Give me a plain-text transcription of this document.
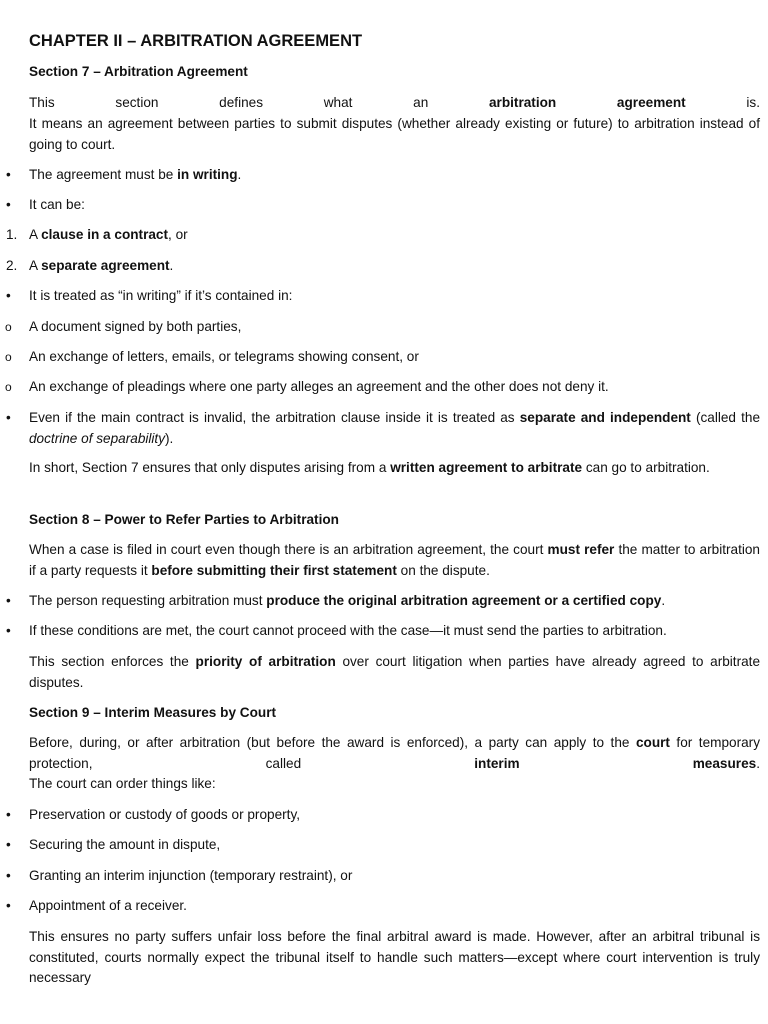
CHAPTER II – ARBITRATION AGREEMENT
Section 7 – Arbitration Agreement
This section defines what an arbitration agreement is.
It means an agreement between parties to submit disputes (whether already existing or future) to arbitration instead of going to court.
• The agreement must be in writing.
• It can be:
1. A clause in a contract, or
2. A separate agreement.
• It is treated as “in writing” if it’s contained in:
o A document signed by both parties,
o An exchange of letters, emails, or telegrams showing consent, or
o An exchange of pleadings where one party alleges an agreement and the other does not deny it.
• Even if the main contract is invalid, the arbitration clause inside it is treated as separate and independent (called the doctrine of separability).
In short, Section 7 ensures that only disputes arising from a written agreement to arbitrate can go to arbitration.
Section 8 – Power to Refer Parties to Arbitration
When a case is filed in court even though there is an arbitration agreement, the court must refer the matter to arbitration if a party requests it before submitting their first statement on the dispute.
• The person requesting arbitration must produce the original arbitration agreement or a certified copy.
• If these conditions are met, the court cannot proceed with the case—it must send the parties to arbitration.
This section enforces the priority of arbitration over court litigation when parties have already agreed to arbitrate disputes.
Section 9 – Interim Measures by Court
Before, during, or after arbitration (but before the award is enforced), a party can apply to the court for temporary protection, called interim measures.
The court can order things like:
• Preservation or custody of goods or property,
• Securing the amount in dispute,
• Granting an interim injunction (temporary restraint), or
• Appointment of a receiver.
This ensures no party suffers unfair loss before the final arbitral award is made. However, after an arbitral tribunal is constituted, courts normally expect the tribunal itself to handle such matters—except where court intervention is truly necessary
